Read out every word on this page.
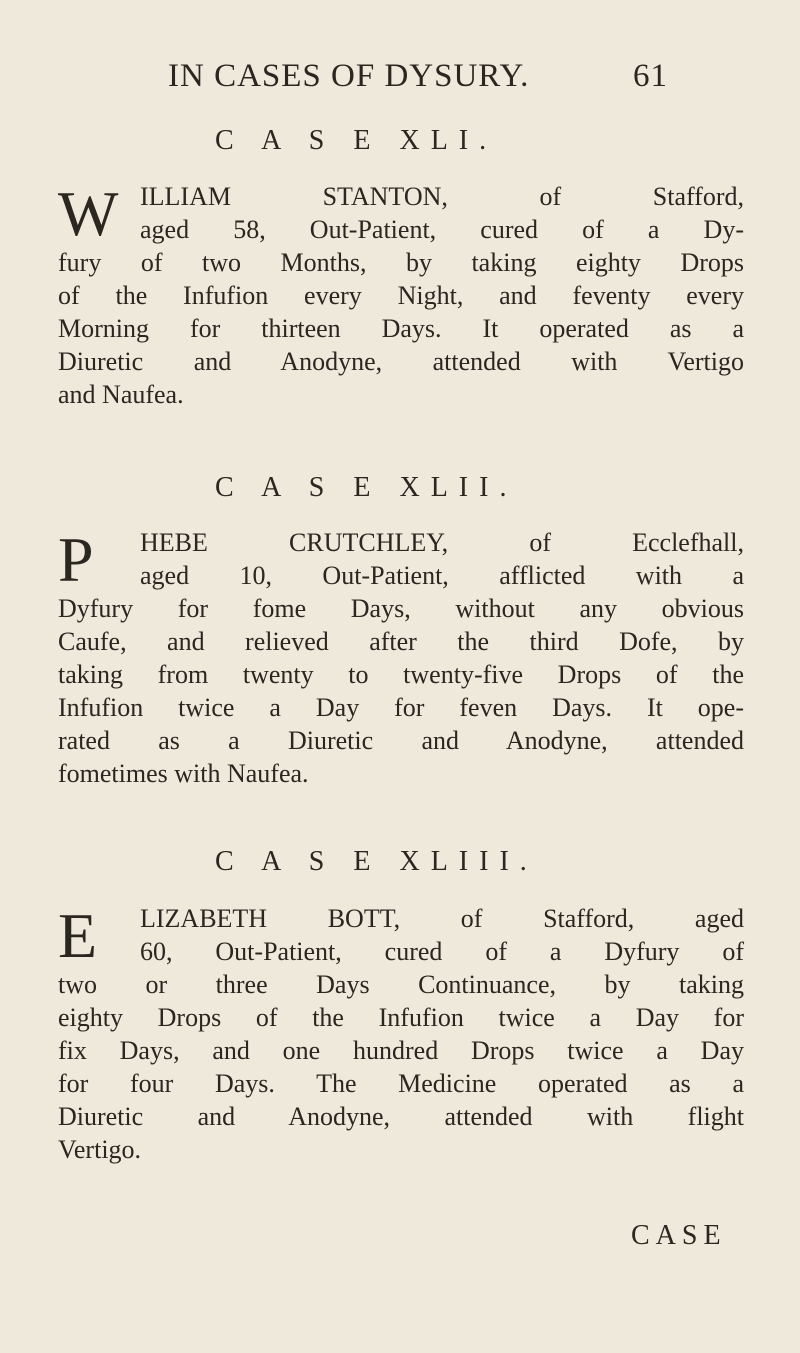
IN CASES OF DYSURY.	61
C A S E XLI.
W ILLIAM STANTON, of Stafford,
aged 58, Out-Patient, cured of a Dy-
fury of two Months, by taking eighty Drops
of the Infufion every Night, and feventy every
Morning for thirteen Days. It operated as a
Diuretic and Anodyne, attended with Vertigo
and Naufea.
C A S E XLII.
P	HEBE CRUTCHLEY, of Ecclefhall,
aged 10, Out-Patient, afflicted with a
Dyfury for fome Days, without any obvious
Caufe, and relieved after the third Dofe, by
taking from twenty to twenty-five Drops of the
Infufion twice a Day for feven Days. It ope-
rated as a Diuretic and Anodyne, attended
fometimes with Naufea.
C A S E XLIII.
E	LIZABETH BOTT, of Stafford, aged
60, Out-Patient, cured of a Dyfury of
two or three Days Continuance, by taking
eighty Drops of the Infufion twice a Day for
fix Days, and one hundred Drops twice a Day
for four Days. The Medicine operated as a
Diuretic and Anodyne, attended with flight
Vertigo.
CASE
